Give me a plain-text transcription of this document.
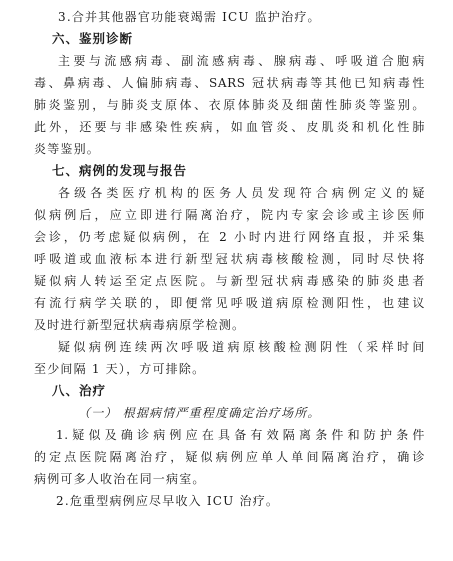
3.合并其他器官功能衰竭需 ICU 监护治疗。
六、鉴别诊断
主要与流感病毒、副流感病毒、腺病毒、呼吸道合胞病
毒、鼻病毒、人偏肺病毒、SARS 冠状病毒等其他已知病毒性
肺炎鉴别，与肺炎支原体、衣原体肺炎及细菌性肺炎等鉴别。
此外，还要与非感染性疾病，如血管炎、皮肌炎和机化性肺
炎等鉴别。
七、病例的发现与报告
各级各类医疗机构的医务人员发现符合病例定义的疑
似病例后，应立即进行隔离治疗，院内专家会诊或主诊医师
会诊，仍考虑疑似病例，在 2 小时内进行网络直报，并采集
呼吸道或血液标本进行新型冠状病毒核酸检测，同时尽快将
疑似病人转运至定点医院。与新型冠状病毒感染的肺炎患者
有流行病学关联的，即便常见呼吸道病原检测阳性，也建议
及时进行新型冠状病毒病原学检测。
疑似病例连续两次呼吸道病原核酸检测阴性（采样时间
至少间隔 1 天），方可排除。
八、治疗
（一） 根据病情严重程度确定治疗场所。
1.疑似及确诊病例应在具备有效隔离条件和防护条件
的定点医院隔离治疗，疑似病例应单人单间隔离治疗，确诊
病例可多人收治在同一病室。
2.危重型病例应尽早收入 ICU 治疗。
